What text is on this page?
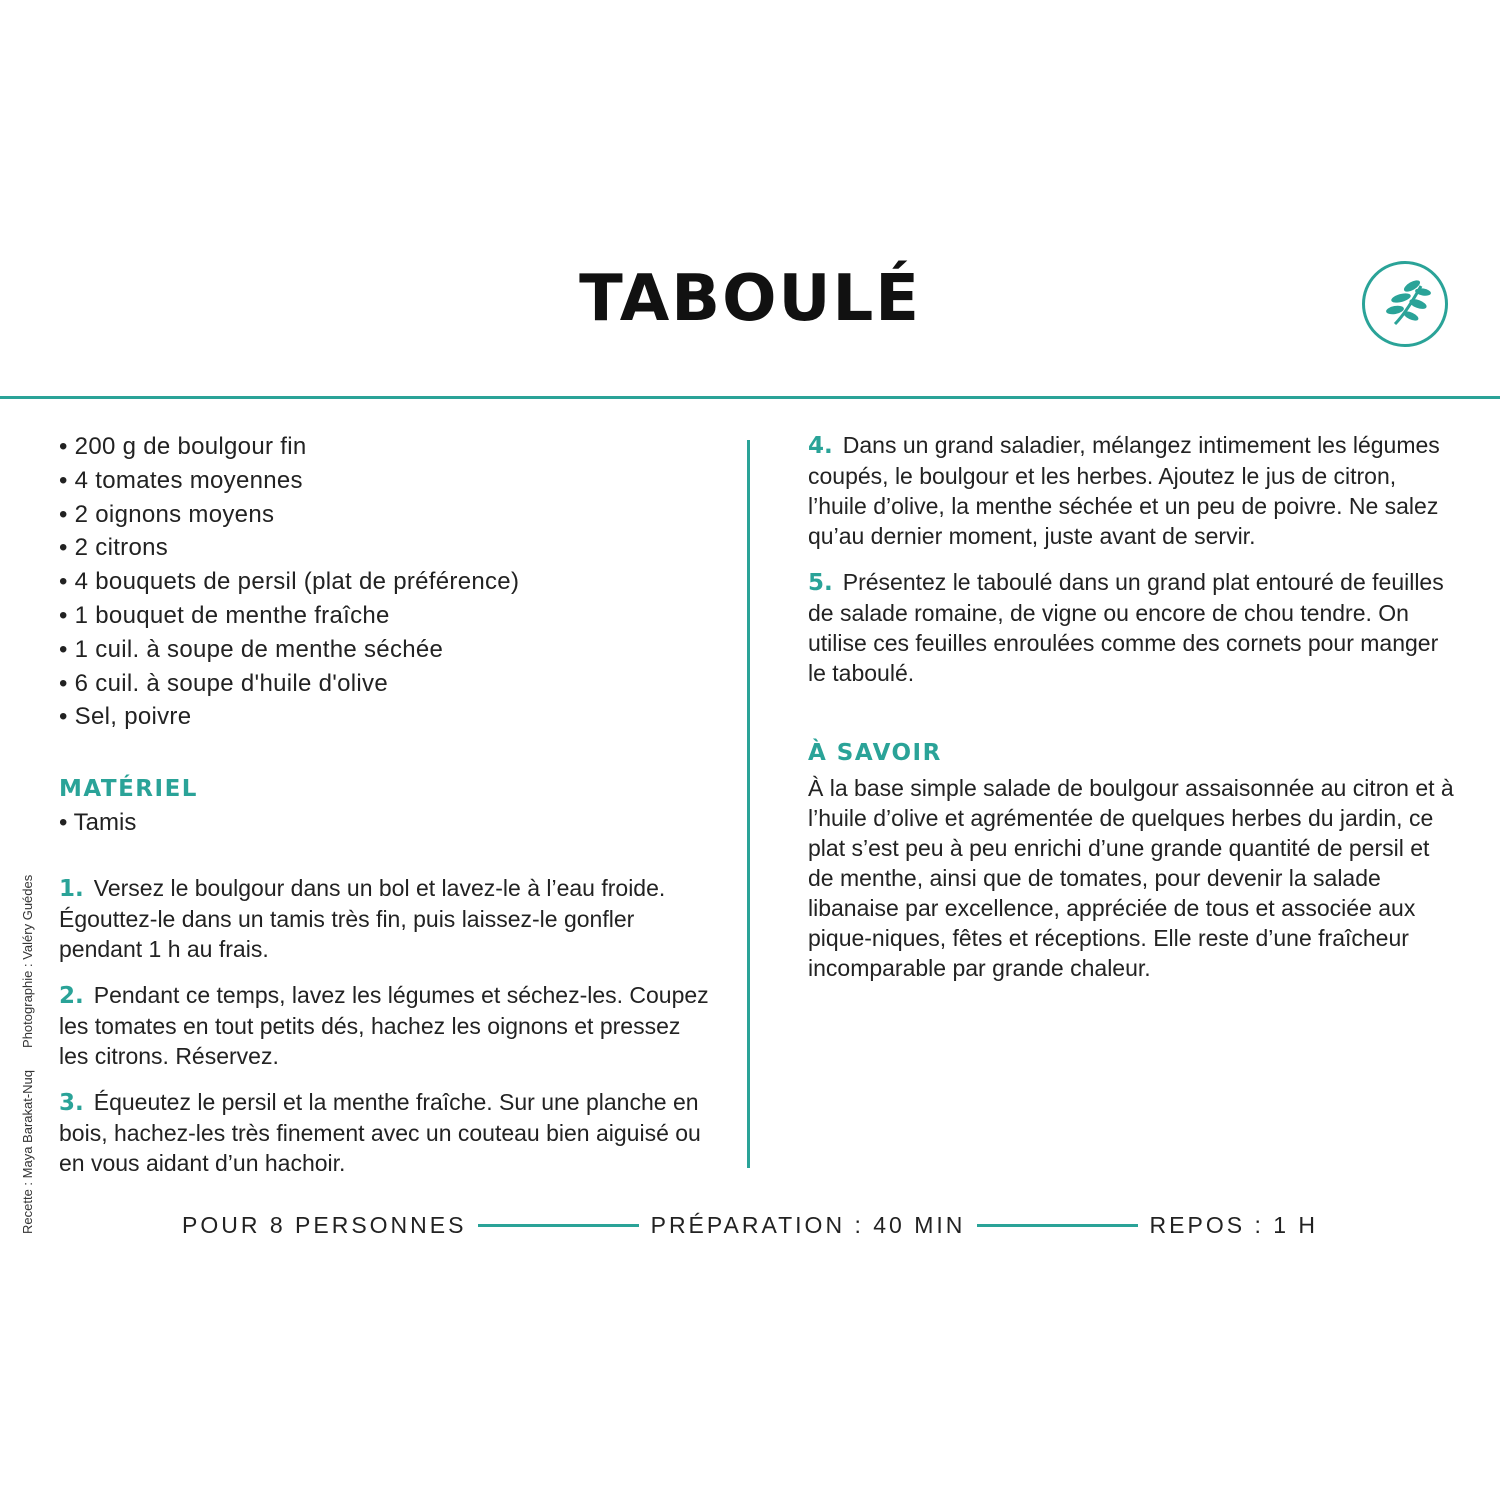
TABOULÉ
• 200 g de boulgour fin
• 4 tomates moyennes
• 2 oignons moyens
• 2 citrons
• 4 bouquets de persil (plat de préférence)
• 1 bouquet de menthe fraîche
• 1 cuil. à soupe de menthe séchée
• 6 cuil. à soupe d'huile d'olive
• Sel, poivre
MATÉRIEL
• Tamis

1. Versez le boulgour dans un bol et lavez-le à l’eau froide. Égouttez-le dans un tamis très fin, puis laissez-le gonfler pendant 1 h au frais.

2. Pendant ce temps, lavez les légumes et séchez-les. Coupez les tomates en tout petits dés, hachez les oignons et pressez les citrons. Réservez.

3. Équeutez le persil et la menthe fraîche. Sur une planche en bois, hachez-les très finement avec un couteau bien aiguisé ou en vous aidant d’un hachoir.

4. Dans un grand saladier, mélangez intimement les légumes coupés, le boulgour et les herbes. Ajoutez le jus de citron, l’huile d’olive, la menthe séchée et un peu de poivre. Ne salez qu’au dernier moment, juste avant de servir.

5. Présentez le taboulé dans un grand plat entouré de feuilles de salade romaine, de vigne ou encore de chou tendre. On utilise ces feuilles enroulées comme des cornets pour manger le taboulé.

À SAVOIR

À la base simple salade de boulgour assaisonnée au citron et à l’huile d’olive et agrémentée de quelques herbes du jardin, ce plat s’est peu à peu enrichi d’une grande quantité de persil et de menthe, ainsi que de tomates, pour devenir la salade libanaise par excellence, appréciée de tous et associée aux pique-niques, fêtes et réceptions. Elle reste d’une fraîcheur incomparable par grande chaleur.

Recette : Maya Barakat-NuqPhotographie : Valéry Guédes
POUR 8 PERSONNES	PRÉPARATION : 40 MIN	REPOS : 1 H
